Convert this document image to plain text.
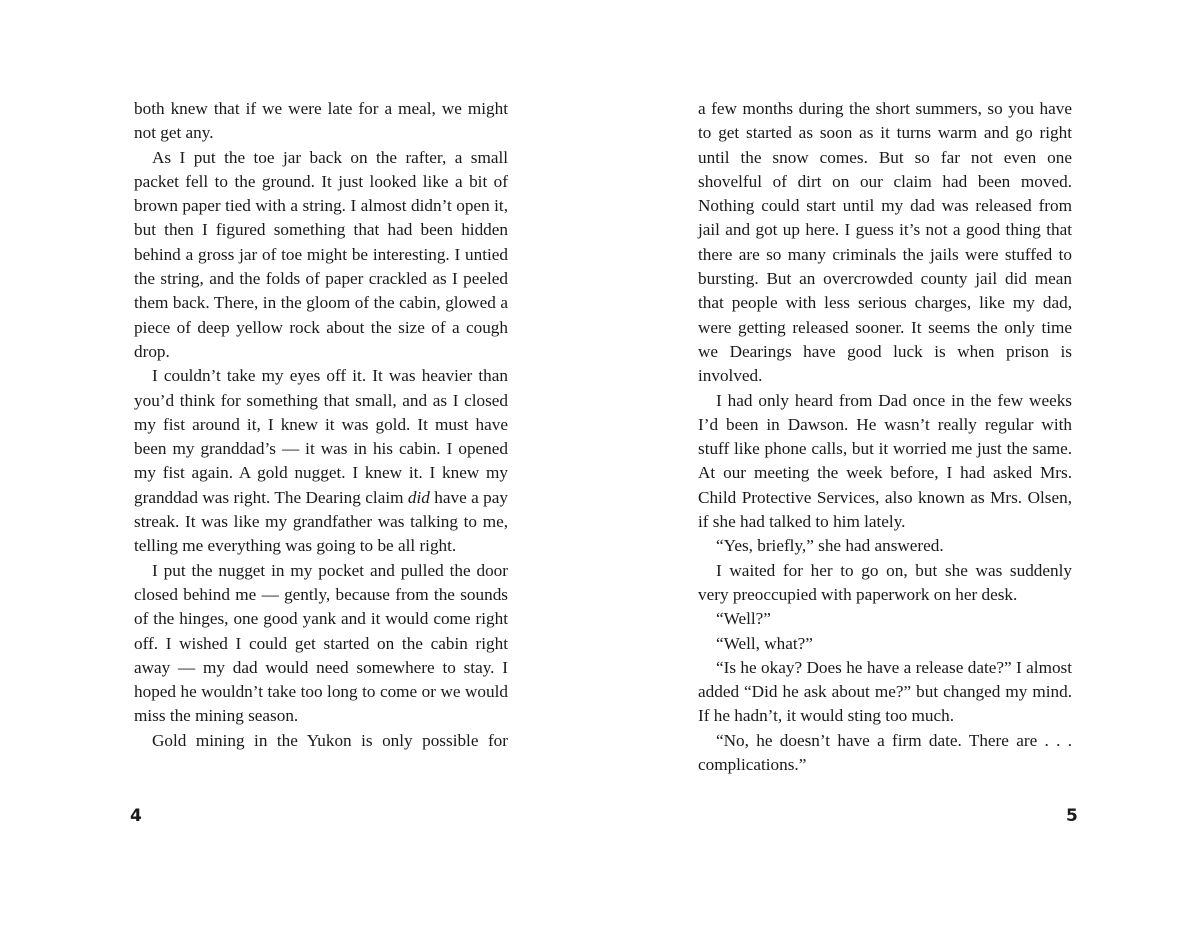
both knew that if we were late for a meal, we might not get any.

As I put the toe jar back on the rafter, a small packet fell to the ground. It just looked like a bit of brown paper tied with a string. I almost didn’t open it, but then I figured something that had been hidden behind a gross jar of toe might be interesting. I untied the string, and the folds of paper crackled as I peeled them back. There, in the gloom of the cabin, glowed a piece of deep yellow rock about the size of a cough drop.

I couldn’t take my eyes off it. It was heavier than you’d think for something that small, and as I closed my fist around it, I knew it was gold. It must have been my granddad’s — it was in his cabin. I opened my fist again. A gold nugget. I knew it. I knew my granddad was right. The Dearing claim did have a pay streak. It was like my grandfather was talking to me, telling me everything was going to be all right.

I put the nugget in my pocket and pulled the door closed behind me — gently, because from the sounds of the hinges, one good yank and it would come right off. I wished I could get started on the cabin right away — my dad would need somewhere to stay. I hoped he wouldn’t take too long to come or we would miss the mining season.

Gold mining in the Yukon is only possible for

a few months during the short summers, so you have to get started as soon as it turns warm and go right until the snow comes. But so far not even one shovelful of dirt on our claim had been moved. Nothing could start until my dad was released from jail and got up here. I guess it’s not a good thing that there are so many criminals the jails were stuffed to bursting. But an overcrowded county jail did mean that people with less serious charges, like my dad, were getting released sooner. It seems the only time we Dearings have good luck is when prison is involved.

I had only heard from Dad once in the few weeks I’d been in Dawson. He wasn’t really regular with stuff like phone calls, but it worried me just the same. At our meeting the week before, I had asked Mrs. Child Protective Services, also known as Mrs. Olsen, if she had talked to him lately.

“Yes, briefly,” she had answered.

I waited for her to go on, but she was suddenly very preoccupied with paperwork on her desk.

“Well?”

“Well, what?”

“Is he okay? Does he have a release date?” I almost added “Did he ask about me?” but changed my mind. If he hadn’t, it would sting too much.

“No, he doesn’t have a firm date. There are . . . complications.”

4	5
